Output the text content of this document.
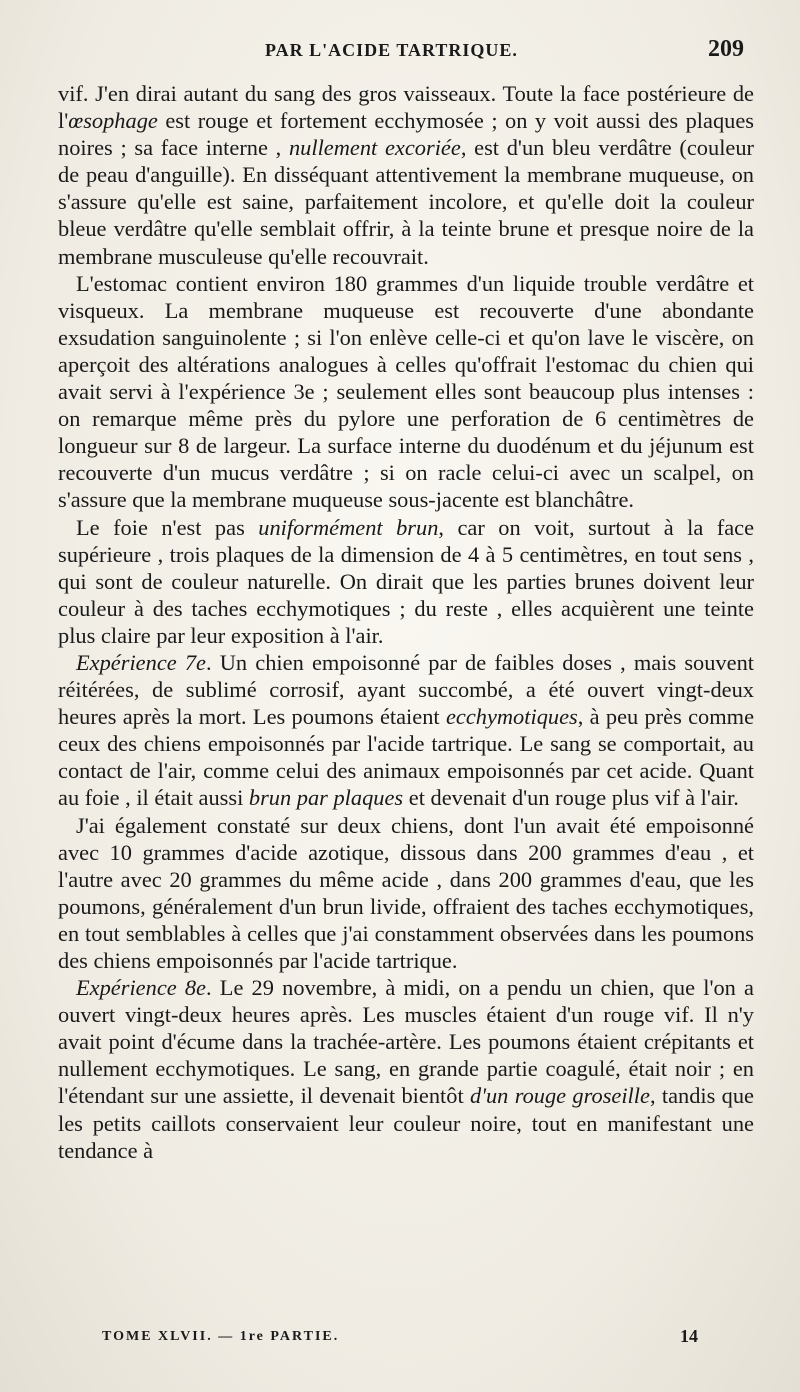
PAR L'ACIDE TARTRIQUE.	209

vif. J'en dirai autant du sang des gros vaisseaux. Toute la face postérieure de l'œsophage est rouge et fortement ecchymosée ; on y voit aussi des plaques noires ; sa face interne , nullement excoriée, est d'un bleu verdâtre (couleur de peau d'anguille). En disséquant attentivement la membrane muqueuse, on s'assure qu'elle est saine, parfaitement incolore, et qu'elle doit la couleur bleue verdâtre qu'elle semblait offrir, à la teinte brune et presque noire de la membrane musculeuse qu'elle recouvrait.

L'estomac contient environ 180 grammes d'un liquide trouble verdâtre et visqueux. La membrane muqueuse est recouverte d'une abondante exsudation sanguinolente ; si l'on enlève celle-ci et qu'on lave le viscère, on aperçoit des altérations analogues à celles qu'offrait l'estomac du chien qui avait servi à l'expérience 3e ; seulement elles sont beaucoup plus intenses : on remarque même près du pylore une perforation de 6 centimètres de longueur sur 8 de largeur. La surface interne du duodénum et du jéjunum est recouverte d'un mucus verdâtre ; si on racle celui-ci avec un scalpel, on s'assure que la membrane muqueuse sous-jacente est blanchâtre.

Le foie n'est pas uniformément brun, car on voit, surtout à la face supérieure , trois plaques de la dimension de 4 à 5 centimètres, en tout sens , qui sont de couleur naturelle. On dirait que les parties brunes doivent leur couleur à des taches ecchymotiques ; du reste , elles acquièrent une teinte plus claire par leur exposition à l'air.

Expérience 7e. Un chien empoisonné par de faibles doses , mais souvent réitérées, de sublimé corrosif, ayant succombé, a été ouvert vingt-deux heures après la mort. Les poumons étaient ecchymotiques, à peu près comme ceux des chiens empoisonnés par l'acide tartrique. Le sang se comportait, au contact de l'air, comme celui des animaux empoisonnés par cet acide. Quant au foie , il était aussi brun par plaques et devenait d'un rouge plus vif à l'air.

J'ai également constaté sur deux chiens, dont l'un avait été empoisonné avec 10 grammes d'acide azotique, dissous dans 200 grammes d'eau , et l'autre avec 20 grammes du même acide , dans 200 grammes d'eau, que les poumons, généralement d'un brun livide, offraient des taches ecchymotiques, en tout semblables à celles que j'ai constamment observées dans les poumons des chiens empoisonnés par l'acide tartrique.

Expérience 8e. Le 29 novembre, à midi, on a pendu un chien, que l'on a ouvert vingt-deux heures après. Les muscles étaient d'un rouge vif. Il n'y avait point d'écume dans la trachée-artère. Les poumons étaient crépitants et nullement ecchymotiques. Le sang, en grande partie coagulé, était noir ; en l'étendant sur une assiette, il devenait bientôt d'un rouge groseille, tandis que les petits caillots conservaient leur couleur noire, tout en manifestant une tendance à

TOME XLVII. — 1re PARTIE.	14
